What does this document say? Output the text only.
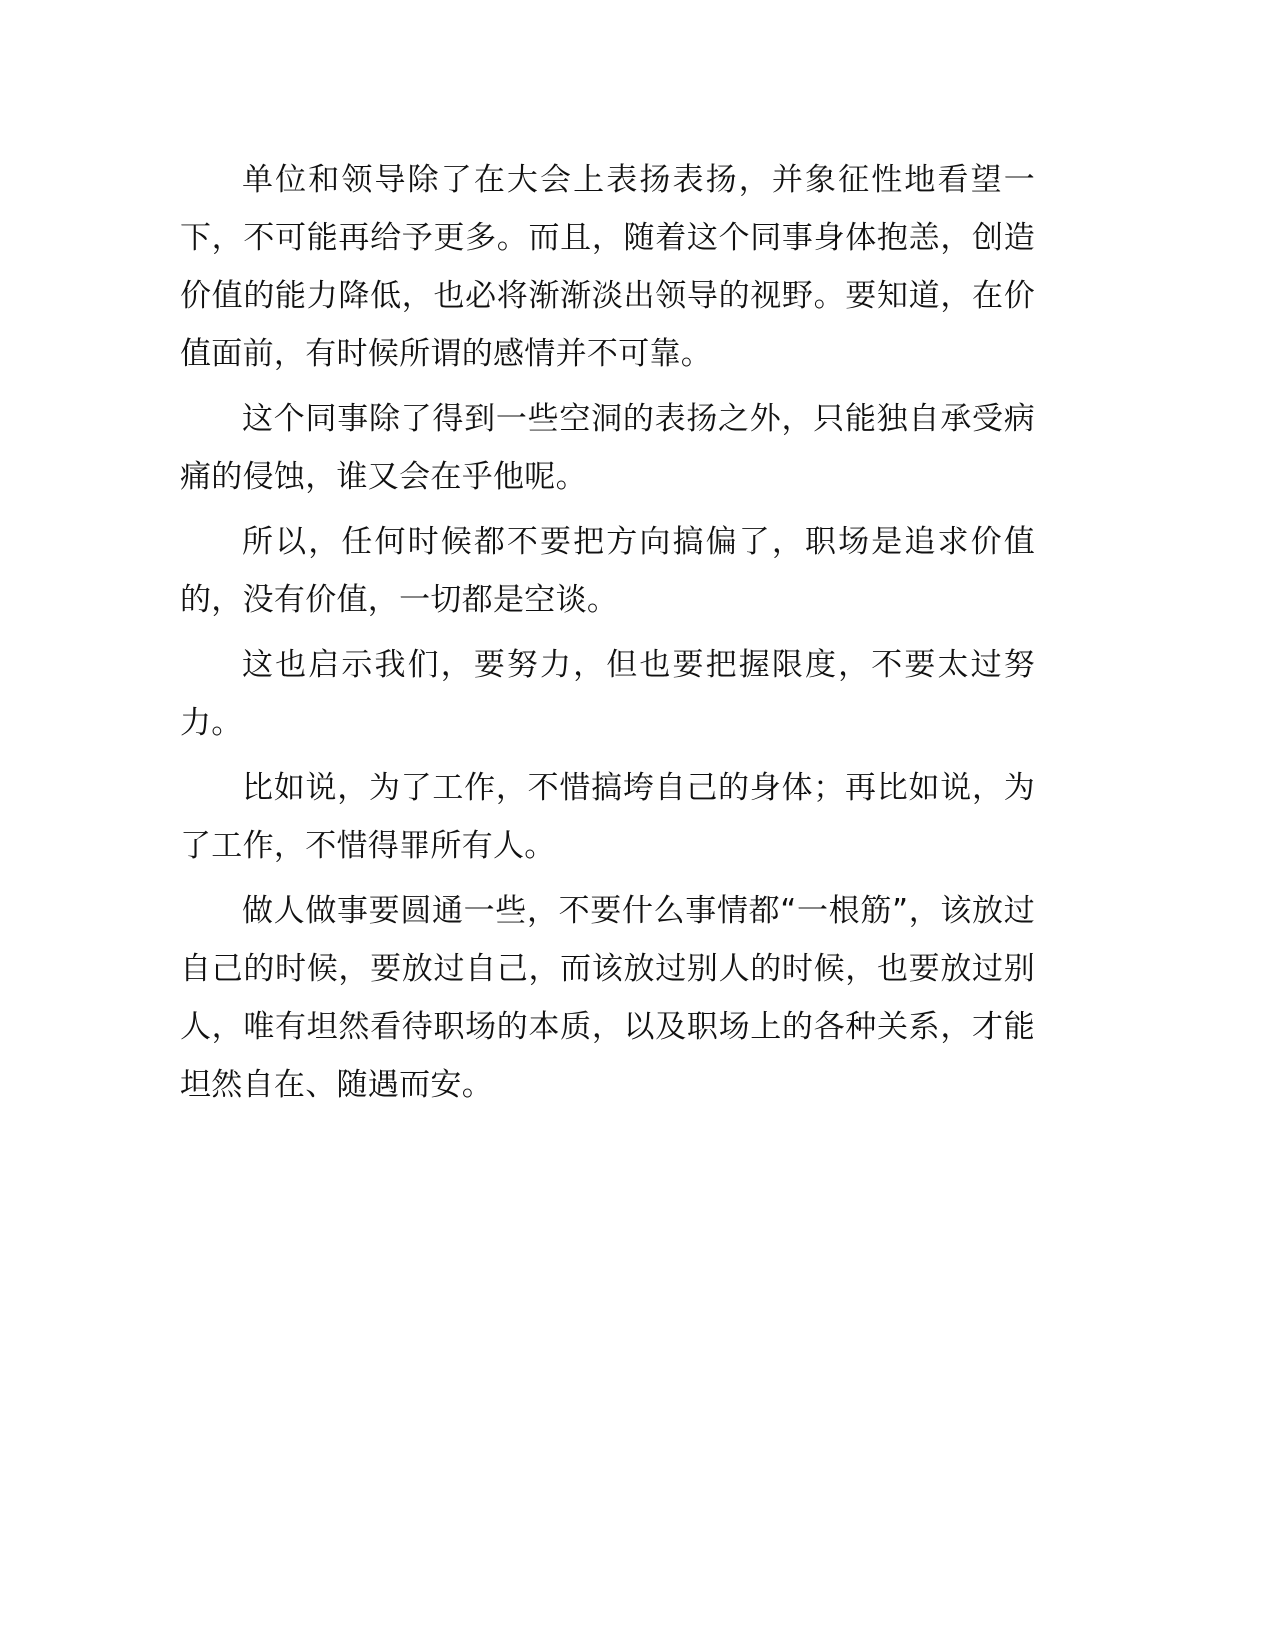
单位和领导除了在大会上表扬表扬，并象征性地看望一下，不可能再给予更多。而且，随着这个同事身体抱恙，创造价值的能力降低，也必将渐渐淡出领导的视野。要知道，在价值面前，有时候所谓的感情并不可靠。

这个同事除了得到一些空洞的表扬之外，只能独自承受病痛的侵蚀，谁又会在乎他呢。

所以，任何时候都不要把方向搞偏了，职场是追求价值的，没有价值，一切都是空谈。

这也启示我们，要努力，但也要把握限度，不要太过努力。

比如说，为了工作，不惜搞垮自己的身体；再比如说，为了工作，不惜得罪所有人。

做人做事要圆通一些，不要什么事情都“一根筋”，该放过自己的时候，要放过自己，而该放过别人的时候，也要放过别人，唯有坦然看待职场的本质，以及职场上的各种关系，才能坦然自在、随遇而安。
